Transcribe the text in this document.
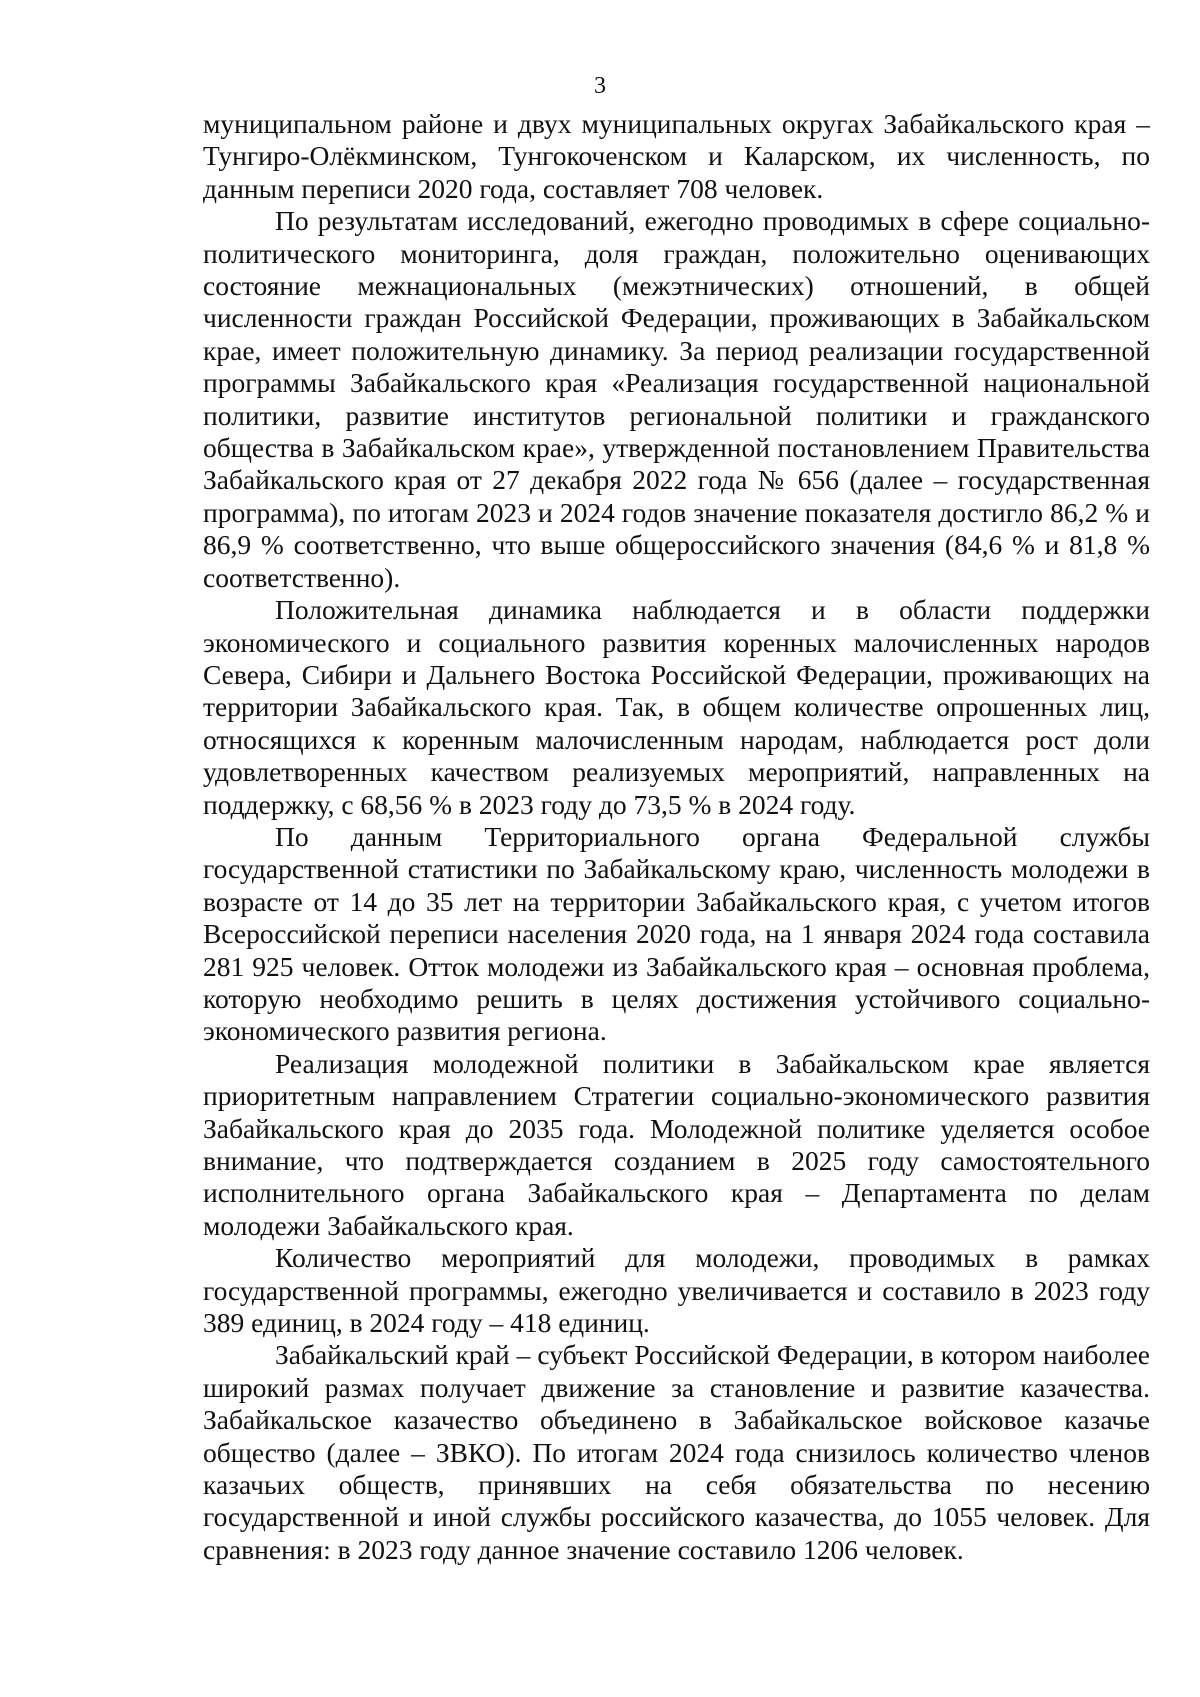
3

муниципальном районе и двух муниципальных округах Забайкальского края – Тунгиро-Олёкминском, Тунгокоченском и Каларском, их численность, по данным переписи 2020 года, составляет 708 человек.

По результатам исследований, ежегодно проводимых в сфере социально-политического мониторинга, доля граждан, положительно оценивающих состояние межнациональных (межэтнических) отношений, в общей численности граждан Российской Федерации, проживающих в Забайкальском крае, имеет положительную динамику. За период реализации государственной программы Забайкальского края «Реализация государственной национальной политики, развитие институтов региональной политики и гражданского общества в Забайкальском крае», утвержденной постановлением Правительства Забайкальского края от 27 декабря 2022 года № 656 (далее – государственная программа), по итогам 2023 и 2024 годов значение показателя достигло 86,2 % и 86,9 % соответственно, что выше общероссийского значения (84,6 % и 81,8 % соответственно).

Положительная динамика наблюдается и в области поддержки экономического и социального развития коренных малочисленных народов Севера, Сибири и Дальнего Востока Российской Федерации, проживающих на территории Забайкальского края. Так, в общем количестве опрошенных лиц, относящихся к коренным малочисленным народам, наблюдается рост доли удовлетворенных качеством реализуемых мероприятий, направленных на поддержку, с 68,56 % в 2023 году до 73,5 % в 2024 году.

По данным Территориального органа Федеральной службы государственной статистики по Забайкальскому краю, численность молодежи в возрасте от 14 до 35 лет на территории Забайкальского края, с учетом итогов Всероссийской переписи населения 2020 года, на 1 января 2024 года составила 281 925 человек. Отток молодежи из Забайкальского края – основная проблема, которую необходимо решить в целях достижения устойчивого социально-экономического развития региона.

Реализация молодежной политики в Забайкальском крае является приоритетным направлением Стратегии социально-экономического развития Забайкальского края до 2035 года. Молодежной политике уделяется особое внимание, что подтверждается созданием в 2025 году самостоятельного исполнительного органа Забайкальского края – Департамента по делам молодежи Забайкальского края.

Количество мероприятий для молодежи, проводимых в рамках государственной программы, ежегодно увеличивается и составило в 2023 году 389 единиц, в 2024 году – 418 единиц.

Забайкальский край – субъект Российской Федерации, в котором наиболее широкий размах получает движение за становление и развитие казачества. Забайкальское казачество объединено в Забайкальское войсковое казачье общество (далее – ЗВКО). По итогам 2024 года снизилось количество членов казачьих обществ, принявших на себя обязательства по несению государственной и иной службы российского казачества, до 1055 человек. Для сравнения: в 2023 году данное значение составило 1206 человек.
